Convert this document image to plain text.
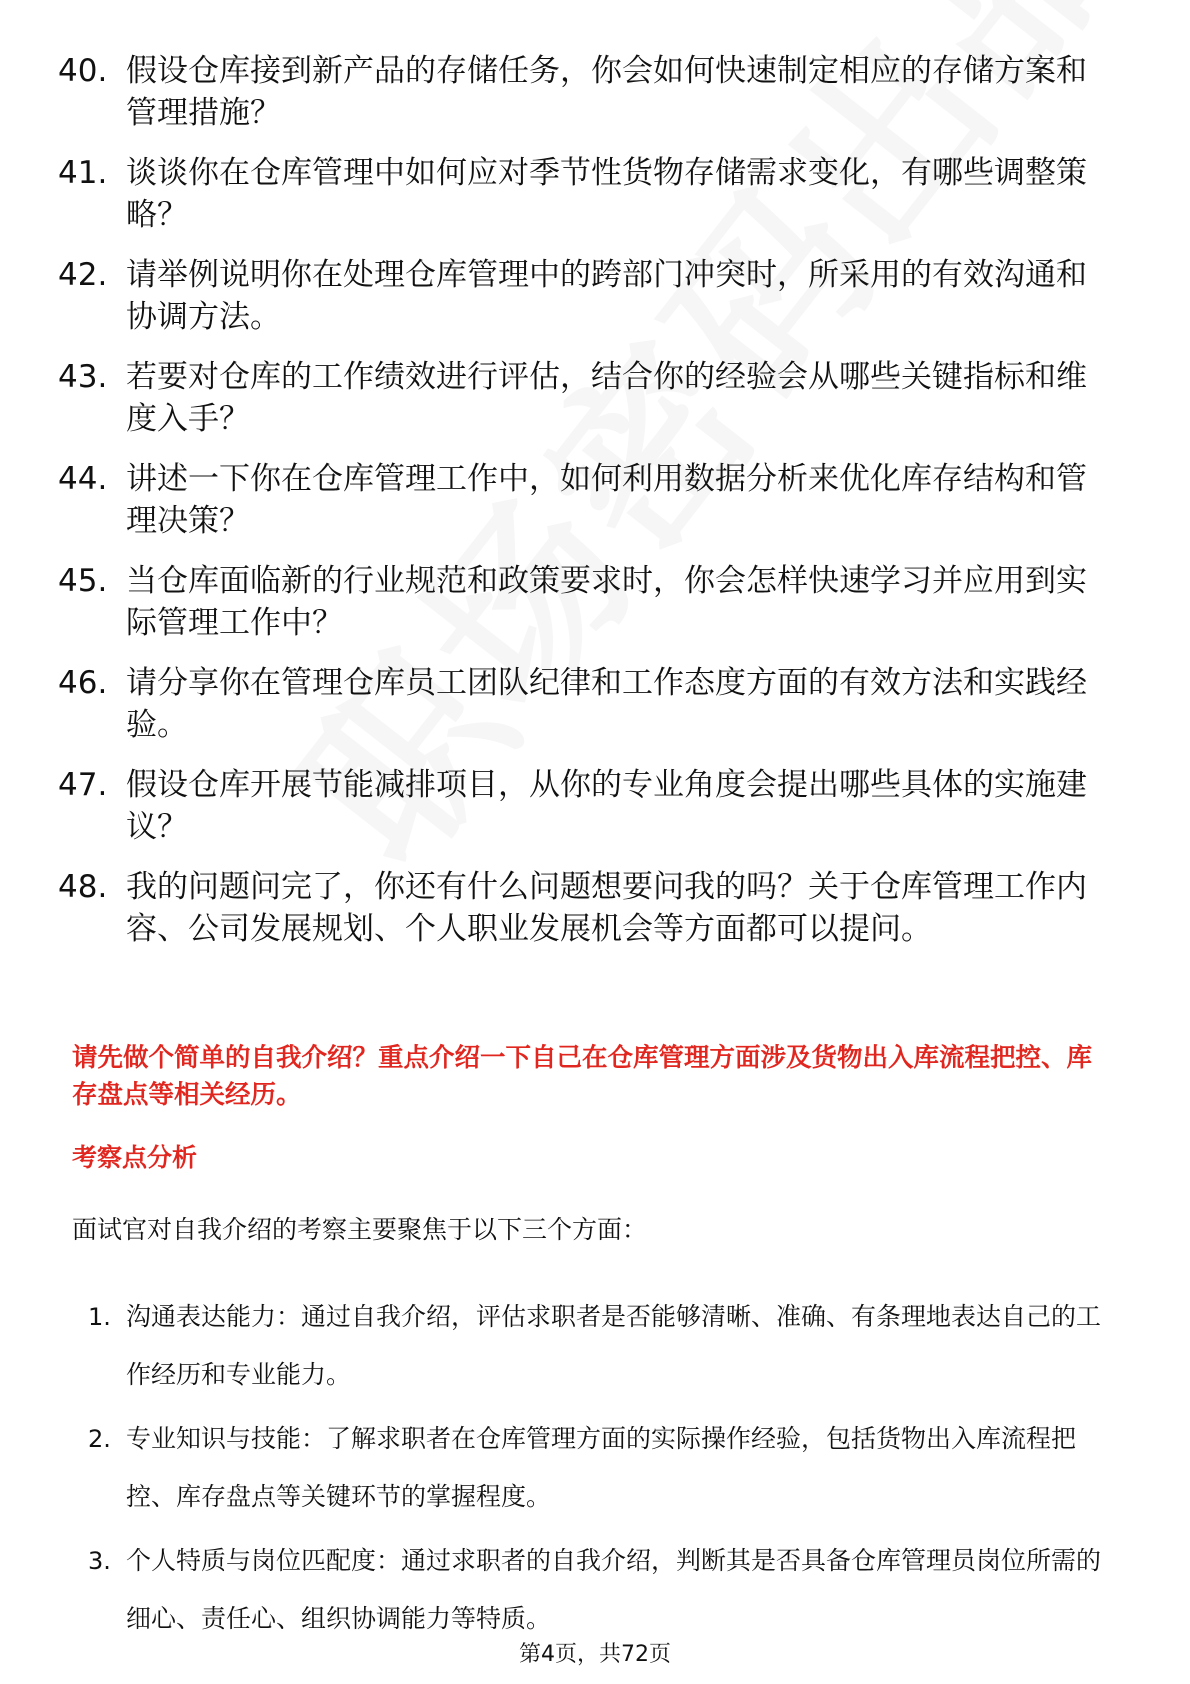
40. 假设仓库接到新产品的存储任务，你会如何快速制定相应的存储方案和管理措施？
41. 谈谈你在仓库管理中如何应对季节性货物存储需求变化，有哪些调整策略？
42. 请举例说明你在处理仓库管理中的跨部门冲突时，所采用的有效沟通和协调方法。
43. 若要对仓库的工作绩效进行评估，结合你的经验会从哪些关键指标和维度入手？
44. 讲述一下你在仓库管理工作中，如何利用数据分析来优化库存结构和管理决策？
45. 当仓库面临新的行业规范和政策要求时，你会怎样快速学习并应用到实际管理工作中？
46. 请分享你在管理仓库员工团队纪律和工作态度方面的有效方法和实践经验。
47. 假设仓库开展节能减排项目，从你的专业角度会提出哪些具体的实施建议？
48. 我的问题问完了，你还有什么问题想要问我的吗？关于仓库管理工作内容、公司发展规划、个人职业发展机会等方面都可以提问。
请先做个简单的自我介绍？重点介绍一下自己在仓库管理方面涉及货物出入库流程把控、库存盘点等相关经历。
考察点分析
面试官对自我介绍的考察主要聚焦于以下三个方面：
1. 沟通表达能力：通过自我介绍，评估求职者是否能够清晰、准确、有条理地表达自己的工作经历和专业能力。
2. 专业知识与技能：了解求职者在仓库管理方面的实际操作经验，包括货物出入库流程把控、库存盘点等关键环节的掌握程度。
3. 个人特质与岗位匹配度：通过求职者的自我介绍，判断其是否具备仓库管理员岗位所需的细心、责任心、组织协调能力等特质。
第4页，共72页
